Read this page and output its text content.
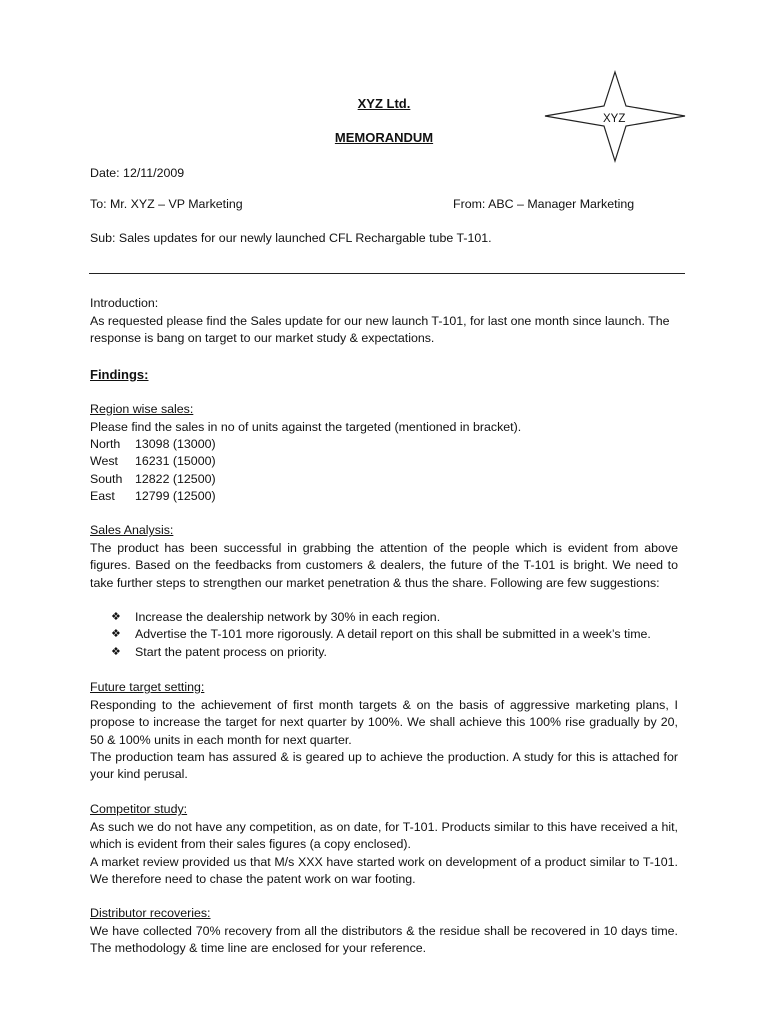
XYZ Ltd.
MEMORANDUM
XYZ
Date: 12/11/2009
To: Mr. XYZ – VP Marketing	From: ABC – Manager Marketing
Sub: Sales updates for our newly launched CFL Rechargable tube T-101.
Introduction:
As requested please find the Sales update for our new launch T-101, for last one month since launch. The response is bang on target to our market study & expectations.
Findings:
Region wise sales:
Please find the sales in no of units against the targeted (mentioned in bracket).
North	13098 (13000)
West	16231 (15000)
South	12822 (12500)
East	12799 (12500)
Sales Analysis:
The product has been successful in grabbing the attention of the people which is evident from above figures. Based on the feedbacks from customers & dealers, the future of the T-101 is bright. We need to take further steps to strengthen our market penetration & thus the share. Following are few suggestions:
❖ Increase the dealership network by 30% in each region.
❖ Advertise the T-101 more rigorously. A detail report on this shall be submitted in a week’s time.
❖ Start the patent process on priority.
Future target setting:
Responding to the achievement of first month targets & on the basis of aggressive marketing plans, I propose to increase the target for next quarter by 100%. We shall achieve this 100% rise gradually by 20, 50 & 100% units in each month for next quarter.
The production team has assured & is geared up to achieve the production. A study for this is attached for your kind perusal.
Competitor study:
As such we do not have any competition, as on date, for T-101. Products similar to this have received a hit, which is evident from their sales figures (a copy enclosed).
A market review provided us that M/s XXX have started work on development of a product similar to T-101. We therefore need to chase the patent work on war footing.
Distributor recoveries:
We have collected 70% recovery from all the distributors & the residue shall be recovered in 10 days time. The methodology & time line are enclosed for your reference.
